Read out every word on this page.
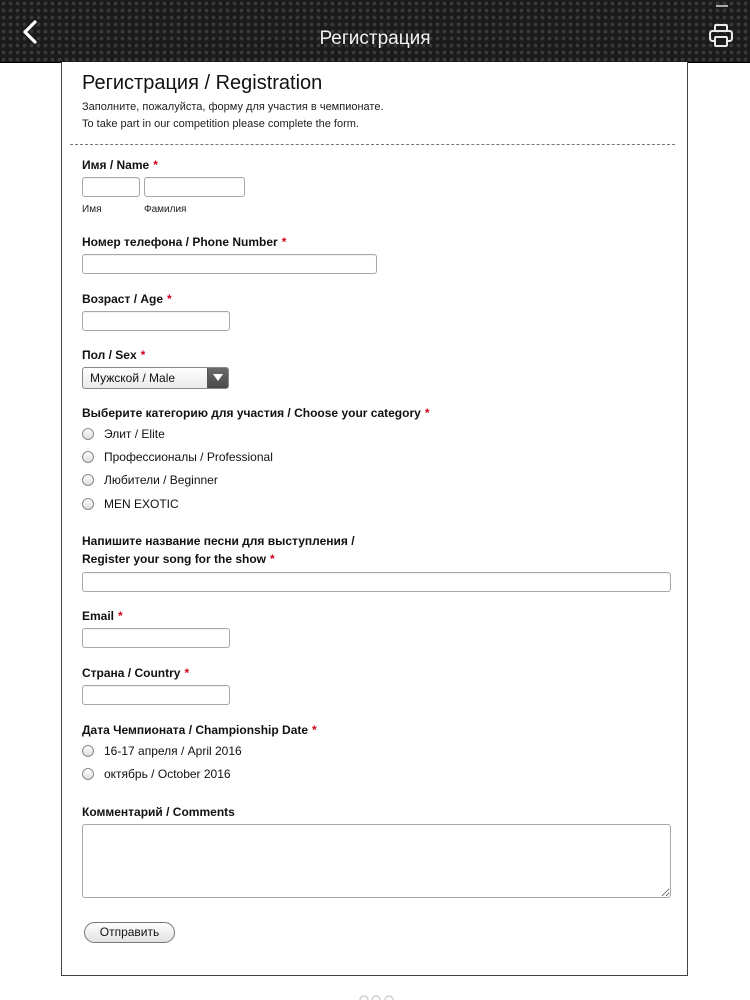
Регистрация
Регистрация / Registration
Заполните, пожалуйста, форму для участия в чемпионате.
To take part in our competition please complete the form.
Имя / Name *
Имя	Фамилия
Номер телефона / Phone Number *
Возраст / Age *
Пол / Sex *
Мужской / Male
Выберите категорию для участия / Choose your category *
Элит / Elite
Профессионалы / Professional
Любители / Beginner
MEN EXOTIC
Напишите название песни для выступления /
Register your song for the show *
Email *
Страна / Country *
Дата Чемпионата / Championship Date *
16-17 апреля / April 2016
октябрь / October 2016
Комментарий / Comments
Отправить
